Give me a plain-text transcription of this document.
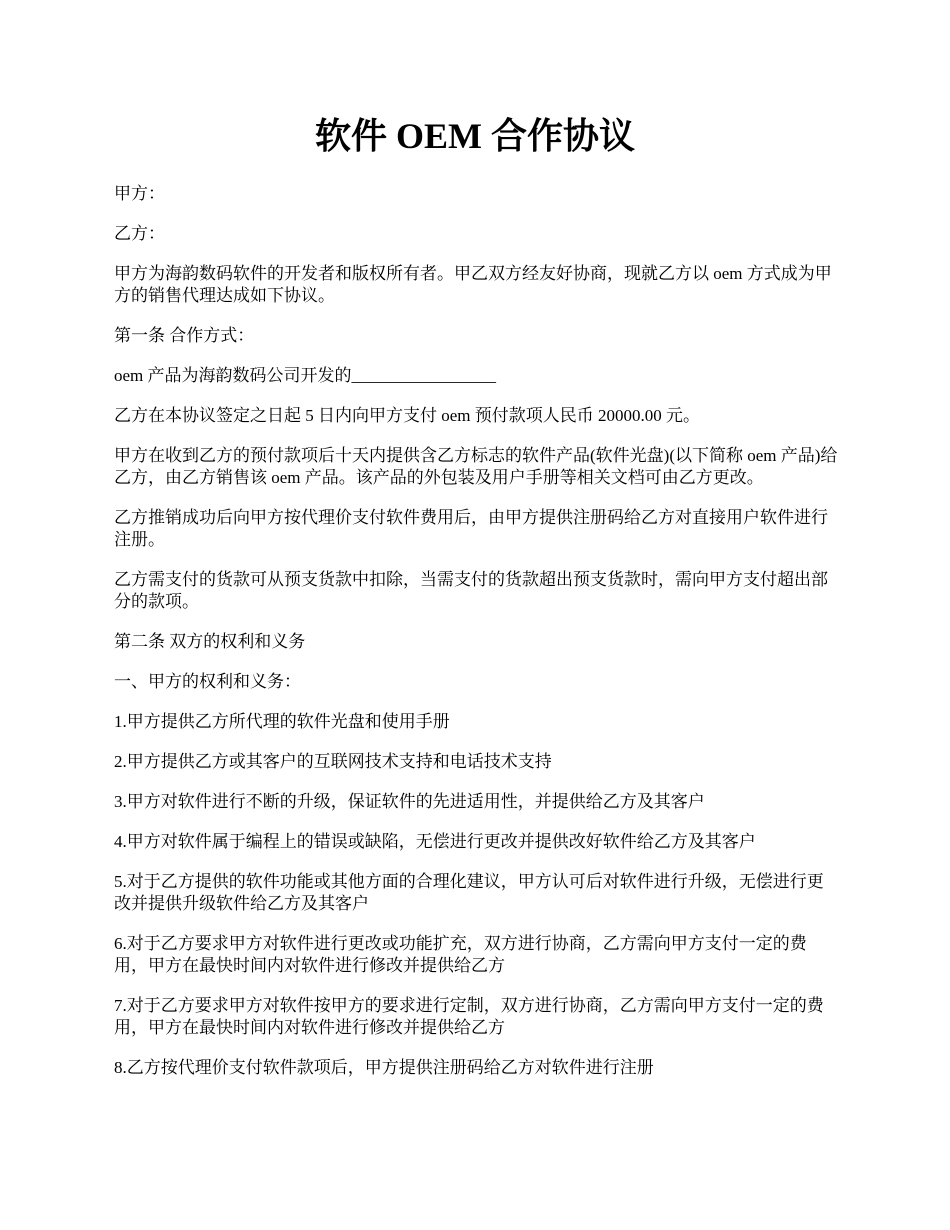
软件 OEM 合作协议

甲方：

乙方：

甲方为海韵数码软件的开发者和版权所有者。甲乙双方经友好协商，现就乙方以 oem 方式成为甲方的销售代理达成如下协议。

第一条 合作方式：

oem 产品为海韵数码公司开发的_________________

乙方在本协议签定之日起 5 日内向甲方支付 oem 预付款项人民币 20000.00 元。

甲方在收到乙方的预付款项后十天内提供含乙方标志的软件产品(软件光盘)(以下简称 oem 产品)给乙方，由乙方销售该 oem 产品。该产品的外包装及用户手册等相关文档可由乙方更改。

乙方推销成功后向甲方按代理价支付软件费用后，由甲方提供注册码给乙方对直接用户软件进行注册。

乙方需支付的货款可从预支货款中扣除，当需支付的货款超出预支货款时，需向甲方支付超出部分的款项。

第二条 双方的权利和义务

一、甲方的权利和义务：

1.甲方提供乙方所代理的软件光盘和使用手册

2.甲方提供乙方或其客户的互联网技术支持和电话技术支持

3.甲方对软件进行不断的升级，保证软件的先进适用性，并提供给乙方及其客户

4.甲方对软件属于编程上的错误或缺陷，无偿进行更改并提供改好软件给乙方及其客户

5.对于乙方提供的软件功能或其他方面的合理化建议，甲方认可后对软件进行升级，无偿进行更改并提供升级软件给乙方及其客户

6.对于乙方要求甲方对软件进行更改或功能扩充，双方进行协商，乙方需向甲方支付一定的费用，甲方在最快时间内对软件进行修改并提供给乙方

7.对于乙方要求甲方对软件按甲方的要求进行定制，双方进行协商，乙方需向甲方支付一定的费用，甲方在最快时间内对软件进行修改并提供给乙方

8.乙方按代理价支付软件款项后，甲方提供注册码给乙方对软件进行注册
